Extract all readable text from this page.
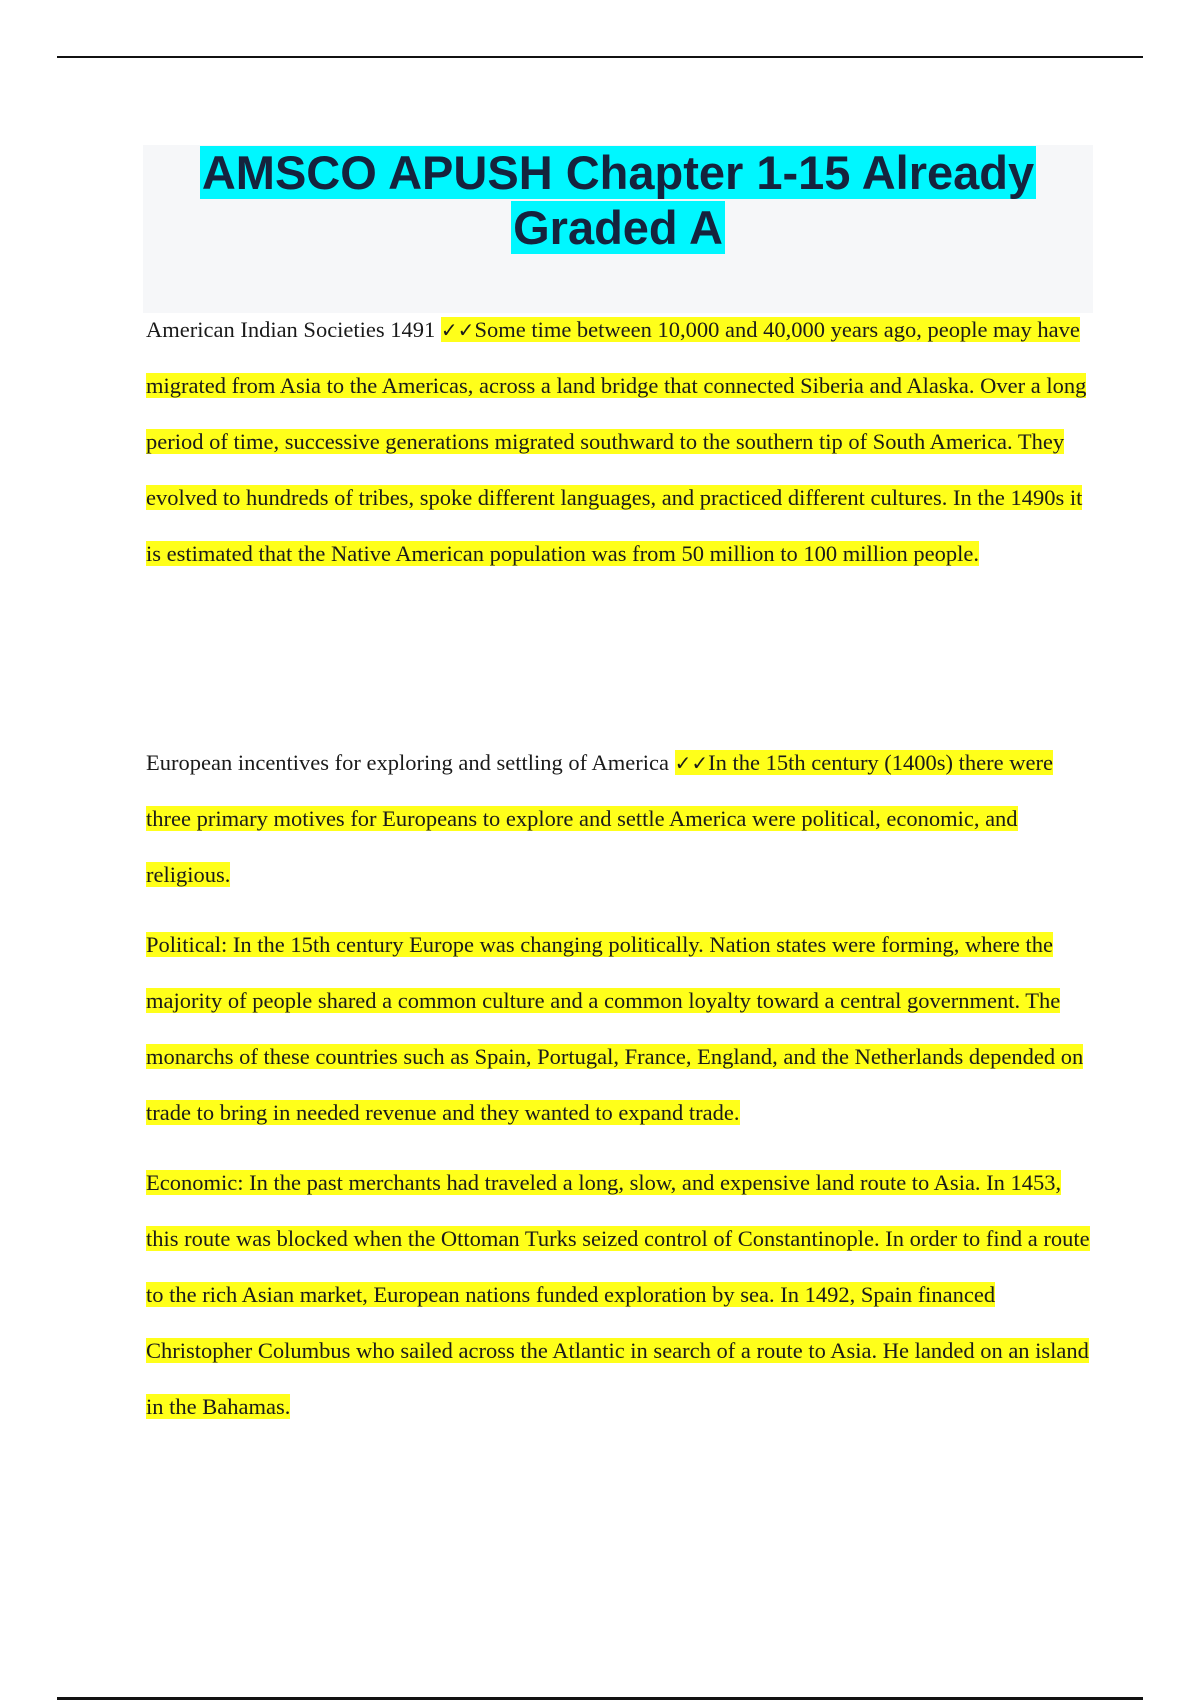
AMSCO APUSH Chapter 1-15 Already
Graded A

American Indian Societies 1491 ✓✓Some time between 10,000 and 40,000 years ago, people may have migrated from Asia to the Americas, across a land bridge that connected Siberia and Alaska. Over a long period of time, successive generations migrated southward to the southern tip of South America. They evolved to hundreds of tribes, spoke different languages, and practiced different cultures. In the 1490s it is estimated that the Native American population was from 50 million to 100 million people.

European incentives for exploring and settling of America ✓✓In the 15th century (1400s) there were three primary motives for Europeans to explore and settle America were political, economic, and religious.

Political: In the 15th century Europe was changing politically. Nation states were forming, where the majority of people shared a common culture and a common loyalty toward a central government. The monarchs of these countries such as Spain, Portugal, France, England, and the Netherlands depended on trade to bring in needed revenue and they wanted to expand trade.

Economic: In the past merchants had traveled a long, slow, and expensive land route to Asia. In 1453, this route was blocked when the Ottoman Turks seized control of Constantinople. In order to find a route to the rich Asian market, European nations funded exploration by sea. In 1492, Spain financed Christopher Columbus who sailed across the Atlantic in search of a route to Asia. He landed on an island in the Bahamas.
